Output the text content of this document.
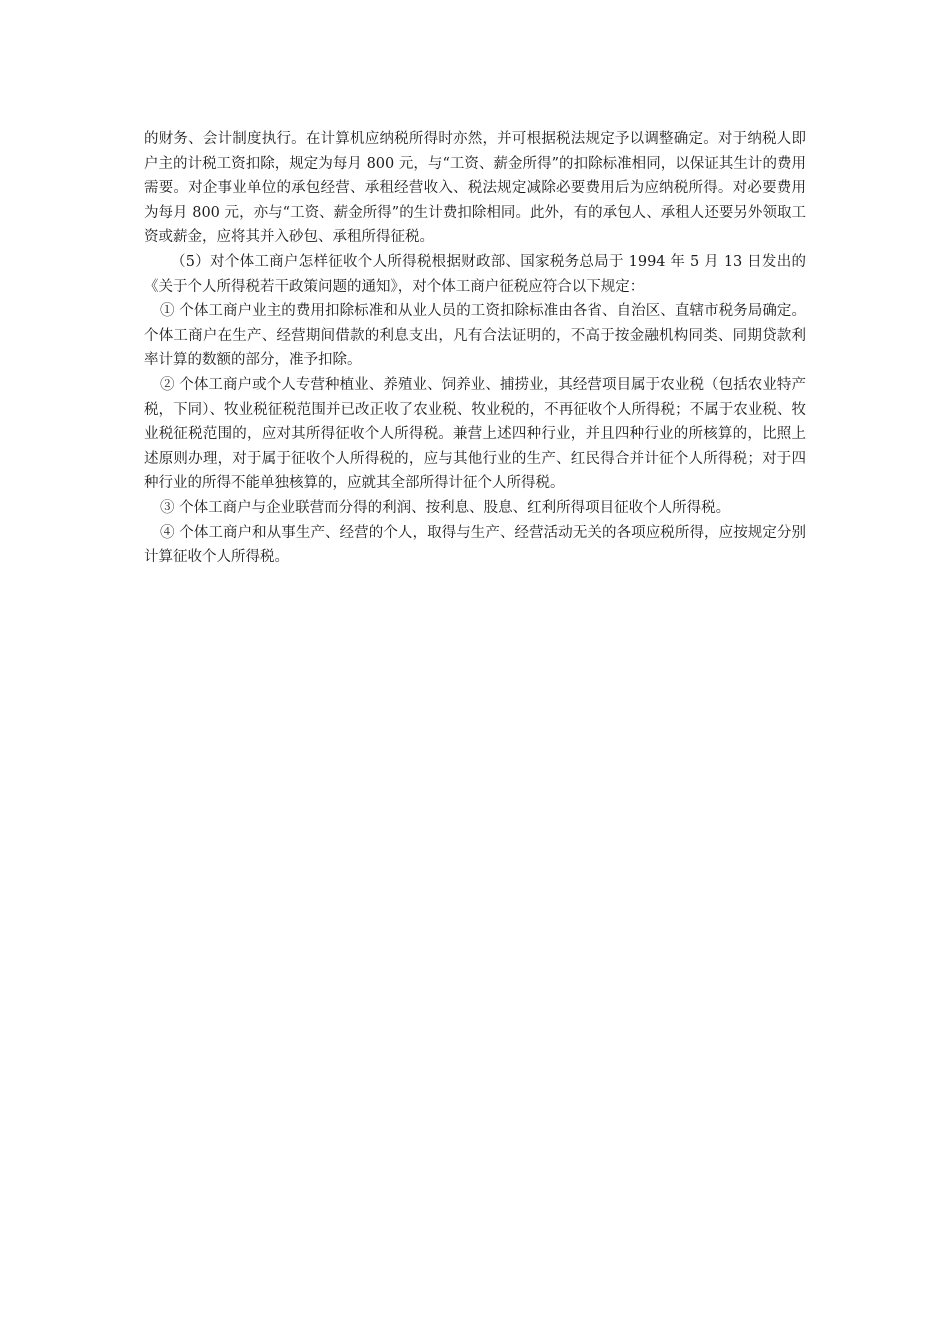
的财务、会计制度执行。在计算机应纳税所得时亦然，并可根据税法规定予以调整确定。对于纳税人即户主的计税工资扣除，规定为每月 800 元，与“工资、薪金所得”的扣除标准相同，以保证其生计的费用需要。对企事业单位的承包经营、承租经营收入、税法规定减除必要费用后为应纳税所得。对必要费用为每月 800 元，亦与“工资、薪金所得”的生计费扣除相同。此外，有的承包人、承租人还要另外领取工资或薪金，应将其并入砂包、承租所得征税。

（5）对个体工商户怎样征收个人所得税根据财政部、国家税务总局于 1994 年 5 月 13 日发出的《关于个人所得税若干政策问题的通知》，对个体工商户征税应符合以下规定：

① 个体工商户业主的费用扣除标准和从业人员的工资扣除标准由各省、自治区、直辖市税务局确定。个体工商户在生产、经营期间借款的利息支出，凡有合法证明的，不高于按金融机构同类、同期贷款利率计算的数额的部分，准予扣除。

② 个体工商户或个人专营种植业、养殖业、饲养业、捕捞业，其经营项目属于农业税（包括农业特产税，下同）、牧业税征税范围并已改正收了农业税、牧业税的，不再征收个人所得税；不属于农业税、牧业税征税范围的，应对其所得征收个人所得税。兼营上述四种行业，并且四种行业的所核算的，比照上述原则办理，对于属于征收个人所得税的，应与其他行业的生产、红民得合并计征个人所得税；对于四种行业的所得不能单独核算的，应就其全部所得计征个人所得税。

③ 个体工商户与企业联营而分得的利润、按利息、股息、红利所得项目征收个人所得税。

④ 个体工商户和从事生产、经营的个人，取得与生产、经营活动无关的各项应税所得，应按规定分别计算征收个人所得税。
